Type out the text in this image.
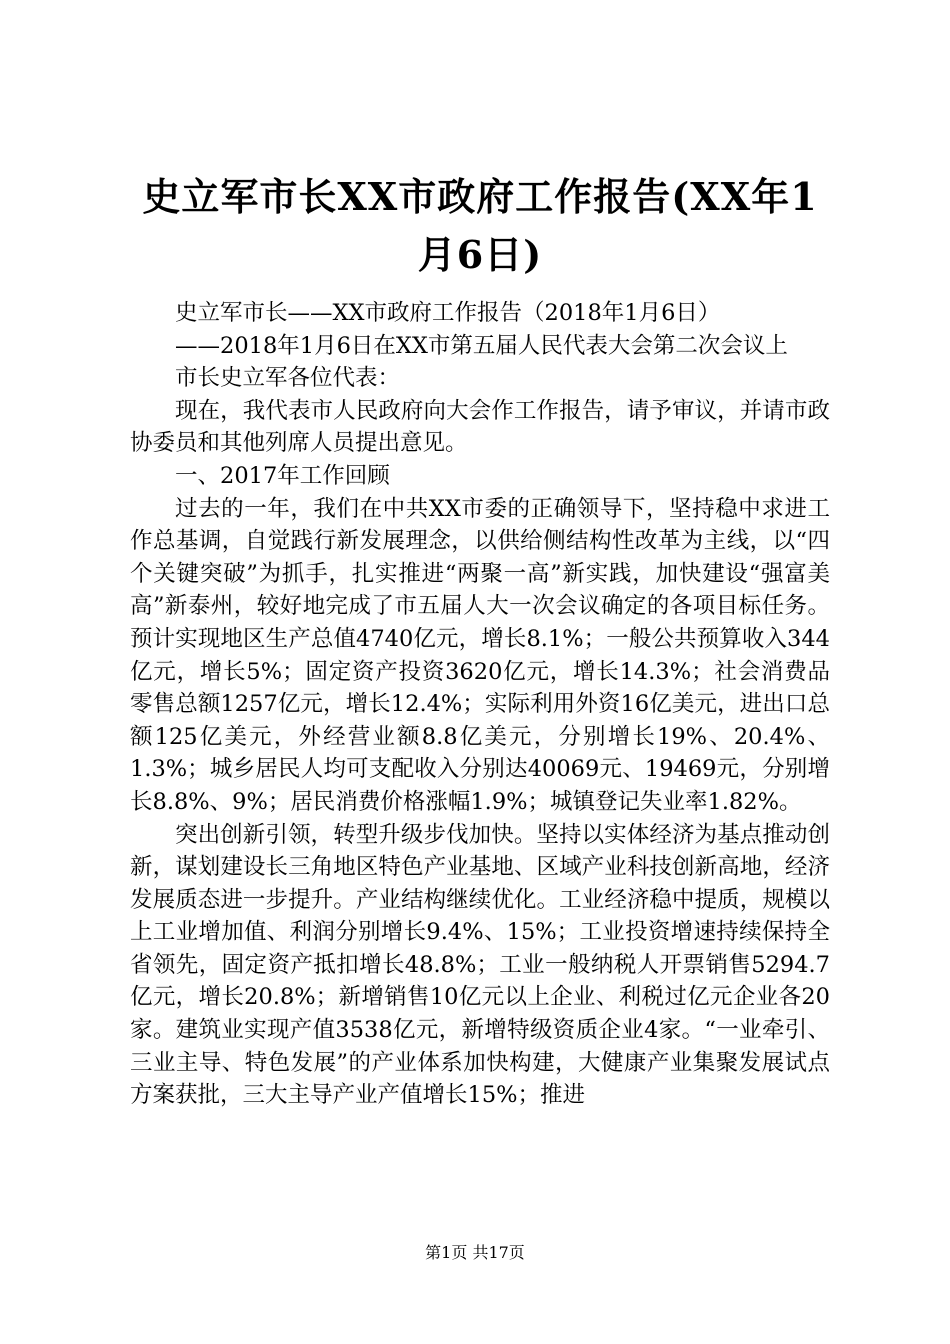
史立军市长XX市政府工作报告(XX年1月6日)

史立军市长——XX市政府工作报告（2018年1月6日）

——2018年1月6日在XX市第五届人民代表大会第二次会议上

市长史立军各位代表：

现在，我代表市人民政府向大会作工作报告，请予审议，并请市政协委员和其他列席人员提出意见。

一、2017年工作回顾

过去的一年，我们在中共XX市委的正确领导下，坚持稳中求进工作总基调，自觉践行新发展理念，以供给侧结构性改革为主线，以“四个关键突破”为抓手，扎实推进“两聚一高”新实践，加快建设“强富美高”新泰州，较好地完成了市五届人大一次会议确定的各项目标任务。预计实现地区生产总值4740亿元，增长8.1%；一般公共预算收入344亿元，增长5%；固定资产投资3620亿元，增长14.3%；社会消费品零售总额1257亿元，增长12.4%；实际利用外资16亿美元，进出口总额125亿美元，外经营业额8.8亿美元，分别增长19%、20.4%、1.3%；城乡居民人均可支配收入分别达40069元、19469元，分别增长8.8%、9%；居民消费价格涨幅1.9%；城镇登记失业率1.82%。

突出创新引领，转型升级步伐加快。坚持以实体经济为基点推动创新，谋划建设长三角地区特色产业基地、区域产业科技创新高地，经济发展质态进一步提升。产业结构继续优化。工业经济稳中提质，规模以上工业增加值、利润分别增长9.4%、15%；工业投资增速持续保持全省领先，固定资产抵扣增长48.8%；工业一般纳税人开票销售5294.7亿元，增长20.8%；新增销售10亿元以上企业、利税过亿元企业各20家。建筑业实现产值3538亿元，新增特级资质企业4家。“一业牵引、三业主导、特色发展”的产业体系加快构建，大健康产业集聚发展试点方案获批，三大主导产业产值增长15%；推进

第1页 共17页
